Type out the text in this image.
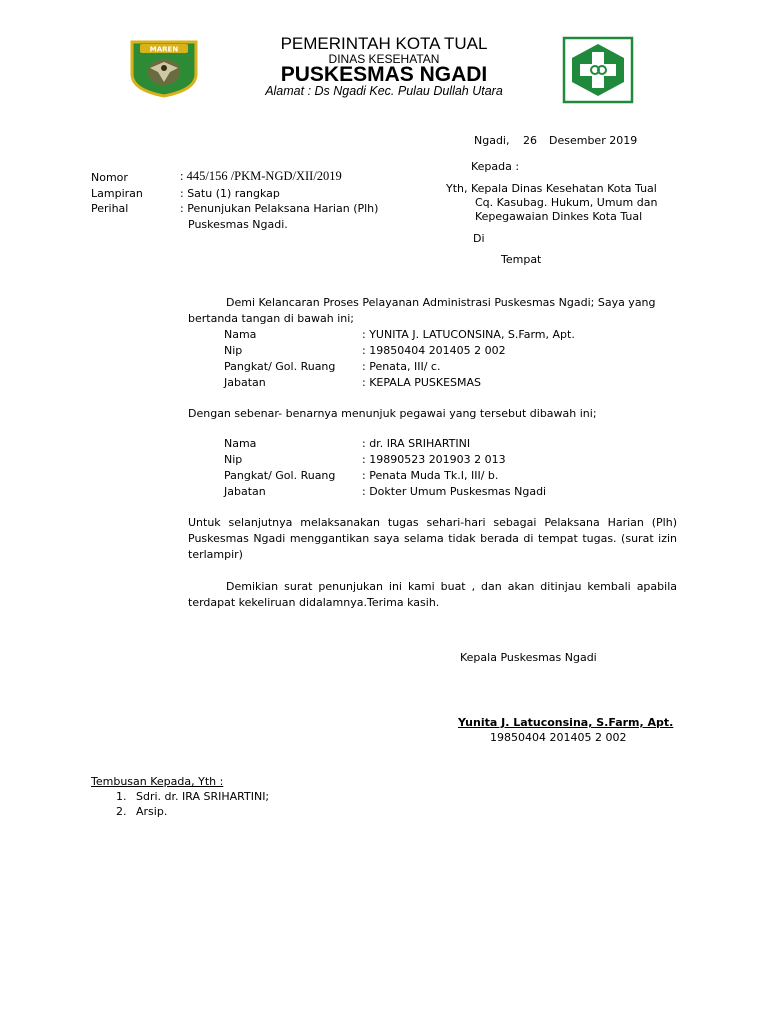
MAREN	PEMERINTAH KOTA TUAL
DINAS KESEHATAN
PUSKESMAS NGADI
Alamat : Ds Ngadi Kec. Pulau Dullah Utara
Ngadi, 26 Desember 2019
Kepada :
Yth, Kepala Dinas Kesehatan Kota Tual
Cq. Kasubag. Hukum, Umum dan
Kepegawaian Dinkes Kota Tual
Di
Tempat
Nomor	: 445/156 /PKM-NGD/XII/2019
Lampiran	: Satu (1) rangkap
Perihal	: Penunjukan Pelaksana Harian (Plh)
Puskesmas Ngadi.
Demi Kelancaran Proses Pelayanan Administrasi Puskesmas Ngadi; Saya yang
bertanda tangan di bawah ini;
Nama	: YUNITA J. LATUCONSINA, S.Farm, Apt.
Nip	: 19850404 201405 2 002
Pangkat/ Gol. Ruang : Penata, III/ c.
Jabatan	: KEPALA PUSKESMAS
Dengan sebenar- benarnya menunjuk pegawai yang tersebut dibawah ini;
Nama	: dr. IRA SRIHARTINI
Nip	: 19890523 201903 2 013
Pangkat/ Gol. Ruang : Penata Muda Tk.I, III/ b.
Jabatan	: Dokter Umum Puskesmas Ngadi
Untuk selanjutnya melaksanakan tugas sehari-hari sebagai Pelaksana Harian (Plh) Puskesmas Ngadi menggantikan saya selama tidak berada di tempat tugas. (surat izin terlampir)
Demikian surat penunjukan ini kami buat , dan akan ditinjau kembali apabila terdapat kekeliruan didalamnya.Terima kasih.
Kepala Puskesmas Ngadi
Yunita J. Latuconsina, S.Farm, Apt.
19850404 201405 2 002
Tembusan Kepada, Yth :
1. Sdri. dr. IRA SRIHARTINI;
2. Arsip.
